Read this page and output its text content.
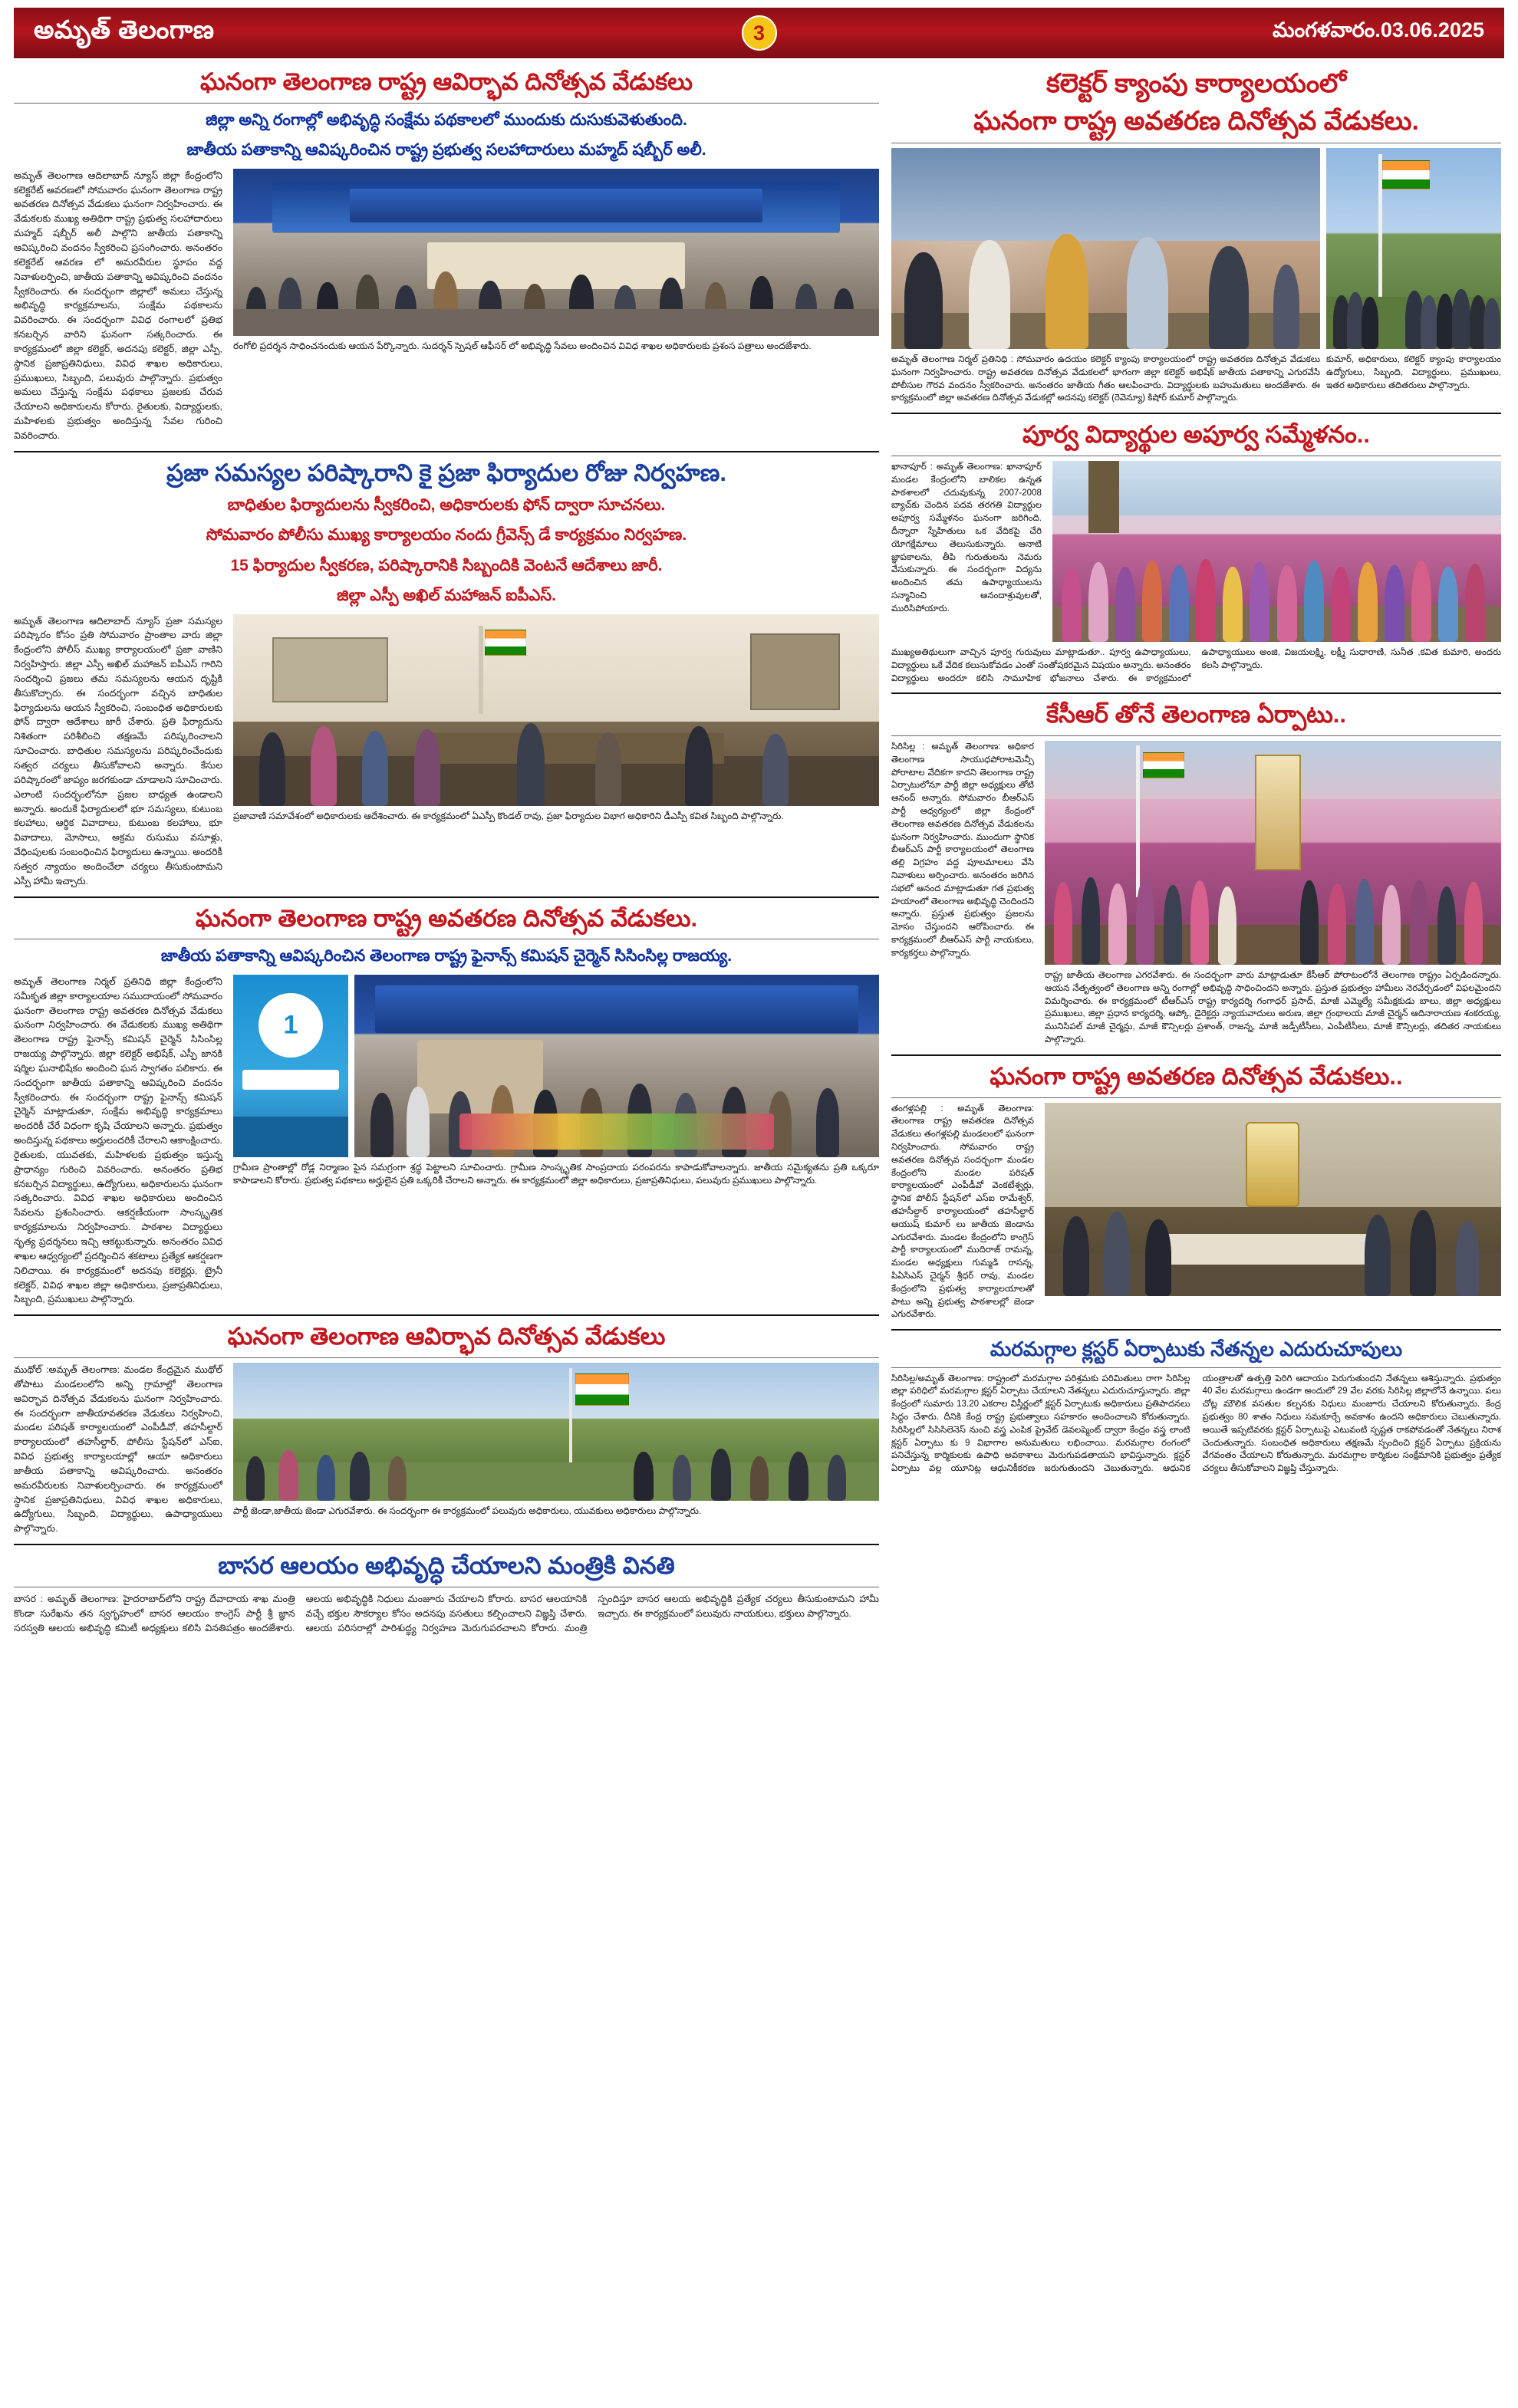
అమృత్ తెలంగాణ	3	మంగళవారం.03.06.2025
ఘనంగా తెలంగాణ రాష్ట్ర ఆవిర్భావ దినోత్సవ వేడుకలు
జిల్లా అన్ని రంగాల్లో అభివృద్ధి సంక్షేమ పథకాలలో ముందుకు దుసుకువెళుతుంది.
జాతీయ పతాకాన్ని ఆవిష్కరించిన రాష్ట్ర ప్రభుత్వ సలహాదారులు మహ్మద్ షబ్బీర్ అలీ.
అమృత్ తెలంగాణ ఆదిలాబాద్ న్యూస్ జిల్లా కేంద్రంలోని కలెక్టరేట్ ఆవరణలో సోమవారం ఘనంగా తెలంగాణ రాష్ట్ర అవతరణ దినోత్సవ వేడుకలు ఘనంగా నిర్వహించారు. ఈ వేడుకలకు ముఖ్య అతిథిగా రాష్ట్ర ప్రభుత్వ సలహాదారులు మహ్మద్ షబ్బీర్ అలీ పాల్గొని జాతీయ పతాకాన్ని ఆవిష్కరించి వందనం స్వీకరించి ప్రసంగించారు. అనంతరం కలెక్టరేట్ ఆవరణ లో అమరవీరుల స్థూపం వద్ద నివాళులర్పించి, జాతీయ పతాకాన్ని ఆవిష్కరించి వందనం స్వీకరించారు. ఈ సందర్భంగా జిల్లాలో అమలు చేస్తున్న అభివృద్ధి కార్యక్రమాలను, సంక్షేమ పథకాలను వివరించారు. ఈ సందర్భంగా వివిధ రంగాలలో ప్రతిభ కనబర్చిన వారిని ఘనంగా సత్కరించారు. ఈ కార్యక్రమంలో జిల్లా కలెక్టర్, అదనపు కలెక్టర్, జిల్లా ఎస్పీ, స్థానిక ప్రజాప్రతినిధులు, వివిధ శాఖల అధికారులు, ప్రముఖులు, సిబ్బంది, పలువురు పాల్గొన్నారు. ప్రభుత్వం అమలు చేస్తున్న సంక్షేమ పథకాలు ప్రజలకు చేరువ చేయాలని అధికారులను కోరారు. రైతులకు, విద్యార్థులకు, మహిళలకు ప్రభుత్వం అందిస్తున్న సేవల గురించి వివరించారు.
రంగోలి ప్రదర్శన సాధించనందుకు ఆయన పేర్కొన్నారు. సుదర్శన్ స్పెషల్ ఆఫీసర్ లో అభివృద్ధి సేవలు అందించిన వివిధ శాఖల అధికారులకు ప్రశంస పత్రాలు అందజేశారు.
ప్రజా సమస్యల పరిష్కారాని కై ప్రజా ఫిర్యాదుల రోజు నిర్వహణ.
బాధితుల ఫిర్యాదులను స్వీకరించి, అధికారులకు ఫోన్ ద్వారా సూచనలు.
సోమవారం పోలీసు ముఖ్య కార్యాలయం నందు గ్రీవెన్స్ డే కార్యక్రమం నిర్వహణ.
15 ఫిర్యాదుల స్వీకరణ, పరిష్కారానికి సిబ్బందికి వెంటనే ఆదేశాలు జారీ.
జిల్లా ఎస్పీ అఖిల్ మహాజన్ ఐపీఎస్.
అమృత్ తెలంగాణ ఆదిలాబాద్ న్యూస్ ప్రజా సమస్యల పరిష్కారం కోసం ప్రతి సోమవారం ప్రాంతాల వారు జిల్లా కేంద్రంలోని పోలీస్ ముఖ్య కార్యాలయంలో ప్రజా వాణిని నిర్వహిస్తారు. జిల్లా ఎస్పీ అఖిల్ మహాజన్ ఐపీఎస్ గారిని సందర్శించి ప్రజలు తమ సమస్యలను ఆయన దృష్టికి తీసుకొచ్చారు. ఈ సందర్భంగా వచ్చిన బాధితుల ఫిర్యాదులను ఆయన స్వీకరించి, సంబంధిత అధికారులకు ఫోన్ ద్వారా ఆదేశాలు జారీ చేశారు. ప్రతి ఫిర్యాదును నిశితంగా పరిశీలించి తక్షణమే పరిష్కరించాలని సూచించారు. బాధితుల సమస్యలను పరిష్కరించేందుకు సత్వర చర్యలు తీసుకోవాలని అన్నారు. కేసుల పరిష్కారంలో జాప్యం జరగకుండా చూడాలని సూచించారు. ఎలాంటి సందర్భంలోనూ ప్రజల బాధ్యత ఉండాలని అన్నారు. అందుకే ఫిర్యాదులలో భూ సమస్యలు, కుటుంబ కలహాలు, ఆర్థిక వివాదాలు, కుటుంబ కలహాలు, భూ వివాదాలు, మోసాలు, అక్రమ రుసుము వసూళ్లు, వేధింపులకు సంబంధించిన ఫిర్యాదులు ఉన్నాయి. అందరికీ సత్వర న్యాయం అందించేలా చర్యలు తీసుకుంటామని ఎస్పీ హామీ ఇచ్చారు.
ప్రజావాణి సమావేశంలో అధికారులకు ఆదేశించారు. ఈ కార్యక్రమంలో ఏఎస్పీ కొండల్ రావు, ప్రజా ఫిర్యాదుల విభాగ అధికారిని డీఎస్పీ కవిత సిబ్బంది పాల్గొన్నారు.
ఘనంగా తెలంగాణ రాష్ట్ర అవతరణ దినోత్సవ వేడుకలు.
జాతీయ పతాకాన్ని ఆవిష్కరించిన తెలంగాణ రాష్ట్ర ఫైనాన్స్ కమిషన్ చైర్మెన్ సిసింసిల్ల రాజయ్య.
అమృత్ తెలంగాణ నిర్మల్ ప్రతినిధి జిల్లా కేంద్రంలోని సమీకృత జిల్లా కార్యాలయాల సముదాయంలో సోమవారం ఘనంగా తెలంగాణ రాష్ట్ర అవతరణ దినోత్సవ వేడుకలు ఘనంగా నిర్వహించారు. ఈ వేడుకలకు ముఖ్య అతిథిగా తెలంగాణ రాష్ట్ర ఫైనాన్స్ కమిషన్ చైర్మెన్ సిసింసిల్ల రాజయ్య పాల్గొన్నారు. జిల్లా కలెక్టర్ అభిషేక్, ఎస్పీ జానకి షర్మిల ఘనాభిషేకం అందించి ఘన స్వాగతం పలికారు. ఈ సందర్భంగా జాతీయ పతాకాన్ని ఆవిష్కరించి వందనం స్వీకరించారు. ఈ సందర్భంగా రాష్ట్ర ఫైనాన్స్ కమిషన్ చైర్మెన్ మాట్లాడుతూ, సంక్షేమ అభివృద్ధి కార్యక్రమాలు అందరికీ చేరే విధంగా కృషి చేయాలని అన్నారు. ప్రభుత్వం అందిస్తున్న పథకాలు అర్హులందరికీ చేరాలని ఆకాంక్షించారు. రైతులకు, యువతకు, మహిళలకు ప్రభుత్వం ఇస్తున్న ప్రాధాన్యం గురించి వివరించారు. అనంతరం ప్రతిభ కనబర్చిన విద్యార్థులు, ఉద్యోగులు, అధికారులను ఘనంగా సత్కరించారు. వివిధ శాఖల అధికారులు అందించిన సేవలను ప్రశంసించారు. ఆకర్షణీయంగా సాంస్కృతిక కార్యక్రమాలను నిర్వహించారు. పాఠశాల విద్యార్థులు నృత్య ప్రదర్శనలు ఇచ్చి ఆకట్టుకున్నారు. అనంతరం వివిధ శాఖల ఆధ్వర్యంలో ప్రదర్శించిన శకటాలు ప్రత్యేక ఆకర్షణగా నిలిచాయి. ఈ కార్యక్రమంలో అదనపు కలెక్టర్లు, ట్రైనీ కలెక్టర్, వివిధ శాఖల జిల్లా అధికారులు, ప్రజాప్రతినిధులు, సిబ్బంది, ప్రముఖులు పాల్గొన్నారు.
1
గ్రామీణ ప్రాంతాల్లో రోడ్ల నిర్మాణం పైన సమగ్రంగా శ్రద్ధ పెట్టాలని సూచించారు. గ్రామీణ సాంస్కృతిక సాంప్రదాయ పరంపరను కాపాడుకోవాలన్నారు. జాతీయ సమైక్యతను ప్రతి ఒక్కరూ కాపాడాలని కోరారు. ప్రభుత్వ పథకాలు అర్హులైన ప్రతి ఒక్కరికీ చేరాలని అన్నారు. ఈ కార్యక్రమంలో జిల్లా అధికారులు, ప్రజాప్రతినిధులు, పలువురు ప్రముఖులు పాల్గొన్నారు.
ఘనంగా తెలంగాణ ఆవిర్భావ దినోత్సవ వేడుకలు
ముథోల్ :అమృత్ తెలంగాణ: మండల కేంద్రమైన ముథోల్ తోపాటు మండలంలోని అన్ని గ్రామాల్లో తెలంగాణ ఆవిర్భావ దినోత్సవ వేడుకలను ఘనంగా నిర్వహించారు. ఈ సందర్భంగా జాతీయావతరణ వేడుకలు నిర్వహించి, మండల పరిషత్ కార్యాలయంలో ఎంపీడీవో, తహసీల్దార్ కార్యాలయంలో తహసీల్దార్, పోలీసు స్టేషన్‌లో ఎస్ఐ, వివిధ ప్రభుత్వ కార్యాలయాల్లో ఆయా అధికారులు జాతీయ పతాకాన్ని ఆవిష్కరించారు. అనంతరం అమరవీరులకు నివాళులర్పించారు. ఈ కార్యక్రమంలో స్థానిక ప్రజాప్రతినిధులు, వివిధ శాఖల అధికారులు, ఉద్యోగులు, సిబ్బంది, విద్యార్థులు, ఉపాధ్యాయులు పాల్గొన్నారు.
పార్టీ జెండా,జాతీయ జెండా ఎగురవేశారు. ఈ సందర్భంగా ఈ కార్యక్రమంలో పలువురు అధికారులు, యువకులు అధికారులు పాల్గొన్నారు.
బాసర ఆలయం అభివృద్ధి చేయాలని మంత్రికి వినతి
బాసర : అమృత్ తెలంగాణ: హైదరాబాద్‌లోని రాష్ట్ర దేవాదాయ శాఖ మంత్రి కొండా సురేఖను తన స్వగృహంలో బాసర ఆలయం కాంగ్రెస్ పార్టీ శ్రీ జ్ఞాన సరస్వతి ఆలయ అభివృద్ధి కమిటీ అధ్యక్షులు కలిసి వినతిపత్రం అందజేశారు. ఆలయ అభివృద్ధికి నిధులు మంజూరు చేయాలని కోరారు. బాసర ఆలయానికి వచ్చే భక్తుల సౌకర్యాల కోసం అదనపు వసతులు కల్పించాలని విజ్ఞప్తి చేశారు. ఆలయ పరిసరాల్లో పారిశుద్ధ్య నిర్వహణ మెరుగుపరచాలని కోరారు. మంత్రి స్పందిస్తూ బాసర ఆలయ అభివృద్ధికి ప్రత్యేక చర్యలు తీసుకుంటామని హామీ ఇచ్చారు. ఈ కార్యక్రమంలో పలువురు నాయకులు, భక్తులు పాల్గొన్నారు.
కలెక్టర్ క్యాంపు కార్యాలయంలో
ఘనంగా రాష్ట్ర అవతరణ దినోత్సవ వేడుకలు.
అమృత్ తెలంగాణ నిర్మల్ ప్రతినిధి : సోమవారం ఉదయం కలెక్టర్ క్యాంపు కార్యాలయంలో రాష్ట్ర అవతరణ దినోత్సవ వేడుకలు ఘనంగా నిర్వహించారు. రాష్ట్ర అవతరణ దినోత్సవ వేడుకలలో భాగంగా జిల్లా కలెక్టర్ అభిషేక్ జాతీయ పతాకాన్ని ఎగురవేసి పోలీసుల గౌరవ వందనం స్వీకరించారు. అనంతరం జాతీయ గీతం ఆలపించారు. విద్యార్థులకు బహుమతులు అందజేశారు. ఈ కార్యక్రమంలో జిల్లా అవతరణ దినోత్సవ వేడుకల్లో అదనపు కలెక్టర్ (రెవెన్యూ) కిషోర్ కుమార్ పాల్గొన్నారు.
కుమార్, అధికారులు, కలెక్టర్ క్యాంపు కార్యాలయం ఉద్యోగులు, సిబ్బంది, విద్యార్థులు, ప్రముఖులు, ఇతర అధికారులు తదితరులు పాల్గొన్నారు.
పూర్వ విద్యార్థుల అపూర్వ సమ్మేళనం..
ఖానాపూర్ : అమృత్ తెలంగాణ: ఖానాపూర్ మండల కేంద్రంలోని బాలికల ఉన్నత పాఠశాలలో చదువుకున్న 2007-2008 బ్యాచ్‌కు చెందిన పదవ తరగతి విద్యార్థుల అపూర్వ సమ్మేళనం ఘనంగా జరిగింది. దీన్నారా స్నేహితులు ఒక వేదికపై చేరి యోగక్షేమాలు తెలుసుకున్నారు. ఆనాటి జ్ఞాపకాలను, తీపి గురుతులను నెమరు వేసుకున్నారు. ఈ సందర్భంగా విద్యను అందించిన తమ ఉపాధ్యాయులను సన్మానించి ఆనందాశ్రువులతో, మురిసిపోయారు.
ముఖ్యఅతిథులుగా వాచ్చిన పూర్వ గురువులు మాట్లాడుతూ.. పూర్వ ఉపాధ్యాయులు, విద్యార్థులు ఒకే వేదిక కలుసుకోవడం ఎంతో సంతోషకరమైన విషయం అన్నారు. అనంతరం విద్యార్థులు అందరూ కలిసి సామూహిక భోజనాలు చేశారు. ఈ కార్యక్రమంలో ఉపాధ్యాయులు అంజి, విజయలక్ష్మి, లక్ష్మీ సుధారాణి, సునీత ,కవిత కుమారి, అందరు కలసి పాల్గొన్నారు.
కేసీఆర్ తోనే తెలంగాణ ఏర్పాటు..
సిరిసిల్ల : అమృత్ తెలంగాణ: అధికార తెలంగాణ సాయుధపోరాటమెన్సీ పోరాటాల వేదికగా కాదని తెలంగాణ రాష్ట్ర ఏర్పాటులోనూ పార్టీ జిల్లా అధ్యక్షులు తోటి ఆనంద్ అన్నారు. సోమవారం బీఆర్ఎస్ పార్టీ ఆధ్వర్యంలో జిల్లా కేంద్రంలో తెలంగాణ అవతరణ దినోత్సవ వేడుకలను ఘనంగా నిర్వహించారు. ముందుగా స్థానిక బీఆర్ఎస్ పార్టీ కార్యాలయంలో తెలంగాణ తల్లి విగ్రహం వద్ద పూలమాలలు వేసి నివాళులు అర్పించారు. అనంతరం జరిగిన సభలో ఆనంద మాట్లాడుతూ గత ప్రభుత్వ హయాంలో తెలంగాణ అభివృద్ధి చెందిందని అన్నారు. ప్రస్తుత ప్రభుత్వం ప్రజలను మోసం చేస్తుందని ఆరోపించారు. ఈ కార్యక్రమంలో బీఆర్ఎస్ పార్టీ నాయకులు, కార్యకర్తలు పాల్గొన్నారు.
రాష్ట్ర జాతీయ తెలంగాణ ఎగరవేశారు. ఈ సందర్భంగా వారు మాట్లాడుతూ కేసీఆర్ పోరాటంలోనే తెలంగాణ రాష్ట్రం ఏర్పడిందన్నారు. ఆయన నేతృత్వంలో తెలంగాణ అన్ని రంగాల్లో అభివృద్ధి సాధించిందని అన్నారు. ప్రస్తుత ప్రభుత్వం హామీలు నెరవేర్చడంలో విఫలమైందని విమర్శించారు. ఈ కార్యక్రమంలో టీఆర్ఎస్ రాష్ట్ర కార్యదర్శి గంగాధర్ ప్రసాద్, మాజీ ఎమ్మెల్యే సమీక్షకుడు బాలు, జిల్లా అధ్యక్షులు ప్రముఖులు, జిల్లా ప్రధాన కార్యదర్శి, ఆప్కో, డైరెక్టర్లు న్యాయవాదులు అరుణ, జిల్లా గ్రంథాలయ మాజీ చైర్మన్ ఆదినారాయణ శంకరయ్య, మునిసిపల్ మాజీ చైర్మన్లు, మాజీ కౌన్సిలర్లు ప్రశాంత్, రాజన్న, మాజీ జడ్పీటీసీలు, ఎంపీటీసీలు, మాజీ కౌన్సిలర్లు, తదితర నాయకులు పాల్గొన్నారు.
ఘనంగా రాష్ట్ర అవతరణ దినోత్సవ వేడుకలు..
తంగళ్లపల్లి : అమృత్ తెలంగాణ: తెలంగాణ రాష్ట్ర అవతరణ దినోత్సవ వేడుకలు తంగళ్లపల్లి మండలంలో ఘనంగా నిర్వహించారు. సోమవారం రాష్ట్ర అవతరణ దినోత్సవ సందర్భంగా మండల కేంద్రంలోని మండల పరిషత్ కార్యాలయంలో ఎంపీడీవో వెంకటేశ్వర్లు, స్థానిక పోలీస్ స్టేషన్‌లో ఎస్ఐ రామేశ్వర్, తహసీల్దార్ కార్యాలయంలో తహసీల్దార్ ఆయుష్ కుమార్ లు జాతీయ జెండాను ఎగురవేశారు. మండల కేంద్రంలోని కాంగ్రెస్ పార్టీ కార్యాలయంలో ముదిరాజ్ రామన్న, మండల అధ్యక్షులు గుమ్మడి రాసన్న, పిఏసిఎస్ చైర్మన్ శ్రీధర్ రావు, మండల కేంద్రంలోని ప్రభుత్వ కార్యాలయాలతో పాటు అన్ని ప్రభుత్వ పాఠశాలల్లో జెండా ఎగురవేశారు.
మరమగ్గాల క్లస్టర్ ఏర్పాటుకు నేతన్నల ఎదురుచూపులు
సిరిసిల్ల/అమృత్ తెలంగాణ: రాష్ట్రంలో మరమగ్గాల పరిశ్రమకు పరిమితులు రాగా సిరిసిల్ల జిల్లా పరిధిలో మరమగ్గాల క్లస్టర్ ఏర్పాటు చేయాలని నేతన్నలు ఎదురుచూస్తున్నారు. జిల్లా కేంద్రంలో సుమారు 13.20 ఎకరాల విస్తీర్ణంలో క్లస్టర్ ఏర్పాటుకు అధికారులు ప్రతిపాదనలు సిద్ధం చేశారు. దీనికి కేంద్ర రాష్ట్ర ప్రభుత్వాలు సహకారం అందించాలని కోరుతున్నారు. సిరిసిల్లలో సిసిసిలెనెస్ నుంచి వస్త్ర ఎంపిక ప్రైవేట్ డెవలప్మెంట్ ద్వారా కేంద్రం వస్త్ర లాంటి క్లస్టర్ ఏర్పాటు కు 9 విభాగాల అనుమతులు లభించాయి. మరమగ్గాల రంగంలో పనిచేస్తున్న కార్మికులకు ఉపాధి అవకాశాలు మెరుగుపడతాయని భావిస్తున్నారు. క్లస్టర్ ఏర్పాటు వల్ల యూనిట్ల ఆధునికీకరణ జరుగుతుందని చెబుతున్నారు. ఆధునిక యంత్రాలతో ఉత్పత్తి పెరిగి ఆదాయం పెరుగుతుందని నేతన్నలు ఆశిస్తున్నారు. ప్రభుత్వం 40 వేల మరమగ్గాలు ఉండగా అందులో 29 వేల వరకు సిరిసిల్ల జిల్లాలోనే ఉన్నాయి. పలు చోట్ల మౌలిక వసతుల కల్పనకు నిధులు మంజూరు చేయాలని కోరుతున్నారు. కేంద్ర ప్రభుత్వం 80 శాతం నిధులు సమకూర్చే అవకాశం ఉందని అధికారులు చెబుతున్నారు. అయితే ఇప్పటివరకు క్లస్టర్ ఏర్పాటుపై ఎటువంటి స్పష్టత రాకపోవడంతో నేతన్నలు నిరాశ చెందుతున్నారు. సంబంధిత అధికారులు తక్షణమే స్పందించి క్లస్టర్ ఏర్పాటు ప్రక్రియను వేగవంతం చేయాలని కోరుతున్నారు. మరమగ్గాల కార్మికుల సంక్షేమానికి ప్రభుత్వం ప్రత్యేక చర్యలు తీసుకోవాలని విజ్ఞప్తి చేస్తున్నారు.
